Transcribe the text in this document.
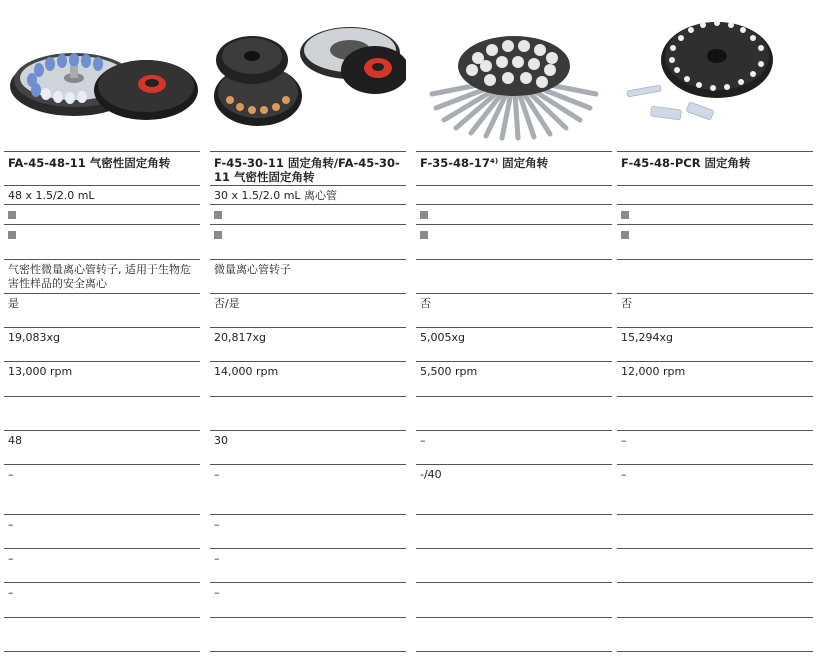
FA-45-48-11 气密性固定角转
48 x 1.5/2.0 mL
气密性微量离心管转子, 适用于生物危害性样品的安全离心
是
19,083xg
13,000 rpm
48
–
–
–
–
F-45-30-11 固定角转/FA-45-30-11 气密性固定角转
30 x 1.5/2.0 mL 离心管
微量离心管转子
否/是
20,817xg
14,000 rpm
30
–
–
–
–
F-35-48-17⁴⁾ 固定角转
否
5,005xg
5,500 rpm
–
-/40
F-45-48-PCR 固定角转
否
15,294xg
12,000 rpm
–
–
